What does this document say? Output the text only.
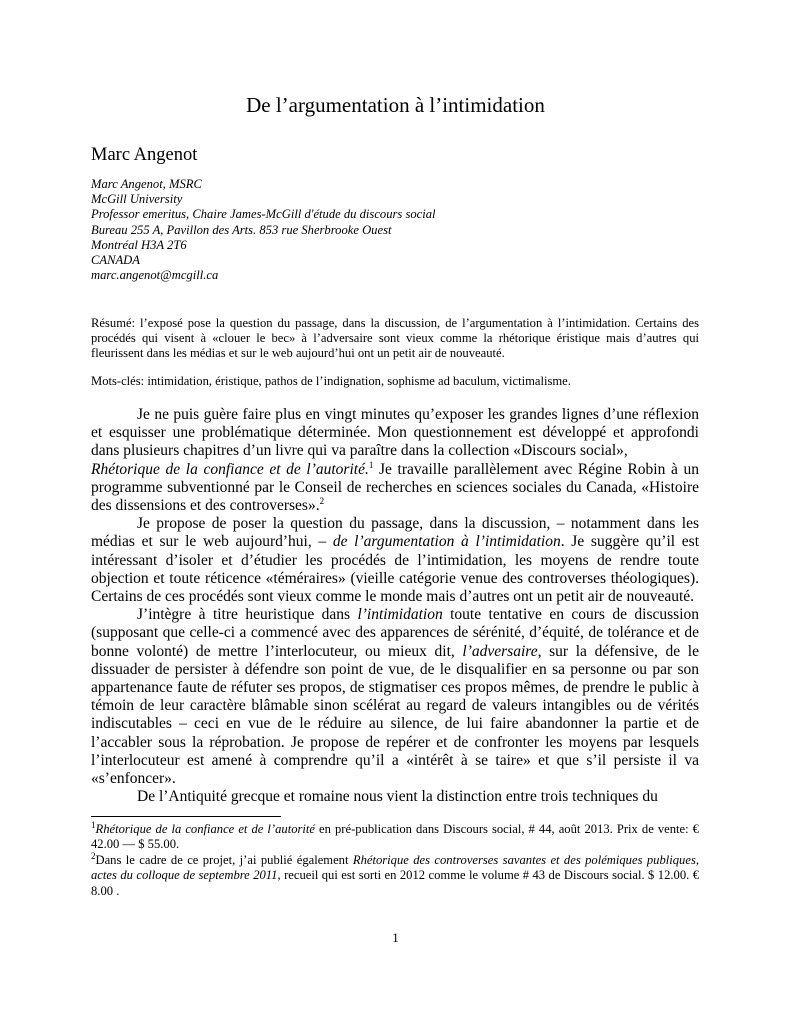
De l’argumentation à l’intimidation
Marc Angenot
Marc Angenot, MSRC
McGill University
Professor emeritus, Chaire James-McGill d'étude du discours social
Bureau 255 A, Pavillon des Arts. 853 rue Sherbrooke Ouest
Montréal H3A 2T6
CANADA
marc.angenot@mcgill.ca
Résumé: l’exposé pose la question du passage, dans la discussion, de l’argumentation à l’intimidation. Certains des procédés qui visent à «clouer le bec» à l’adversaire sont vieux comme la rhétorique éristique mais d’autres qui fleurissent dans les médias et sur le web aujourd’hui ont un petit air de nouveauté.
Mots-clés: intimidation, éristique, pathos de l’indignation, sophisme ad baculum, victimalisme.

Je ne puis guère faire plus en vingt minutes qu’exposer les grandes lignes d’une réflexion et esquisser une problématique déterminée. Mon questionnement est développé et approfondi dans plusieurs chapitres d’un livre qui va paraître dans la collection «Discours social»,
Rhétorique de la confiance et de l’autorité.$^1$ Je travaille parallèlement avec Régine Robin à un programme subventionné par le Conseil de recherches en sciences sociales du Canada, «Histoire des dissensions et des controverses».$^2$

Je propose de poser la question du passage, dans la discussion, – notamment dans les médias et sur le web aujourd’hui, – de l’argumentation à l’intimidation. Je suggère qu’il est intéressant d’isoler et d’étudier les procédés de l’intimidation, les moyens de rendre toute objection et toute réticence «téméraires» (vieille catégorie venue des controverses théologiques). Certains de ces procédés sont vieux comme le monde mais d’autres ont un petit air de nouveauté.

J’intègre à titre heuristique dans l’intimidation toute tentative en cours de discussion (supposant que celle-ci a commencé avec des apparences de sérénité, d’équité, de tolérance et de bonne volonté) de mettre l’interlocuteur, ou mieux dit, l’adversaire, sur la défensive, de le dissuader de persister à défendre son point de vue, de le disqualifier en sa personne ou par son appartenance faute de réfuter ses propos, de stigmatiser ces propos mêmes, de prendre le public à témoin de leur caractère blâmable sinon scélérat au regard de valeurs intangibles ou de vérités indiscutables – ceci en vue de le réduire au silence, de lui faire abandonner la partie et de l’accabler sous la réprobation. Je propose de repérer et de confronter les moyens par lesquels l’interlocuteur est amené à comprendre qu’il a «intérêt à se taire» et que s’il persiste il va «s’enfoncer».

De l’Antiquité grecque et romaine nous vient la distinction entre trois techniques du

$^1$Rhétorique de la confiance et de l’autorité en pré-publication dans Discours social, # 44, août 2013. Prix de vente: € 42.00 — $ 55.00.
$^2$Dans le cadre de ce projet, j’ai publié également Rhétorique des controverses savantes et des polémiques publiques, actes du colloque de septembre 2011, recueil qui est sorti en 2012 comme le volume # 43 de Discours social. $ 12.00. € 8.00 .
1
